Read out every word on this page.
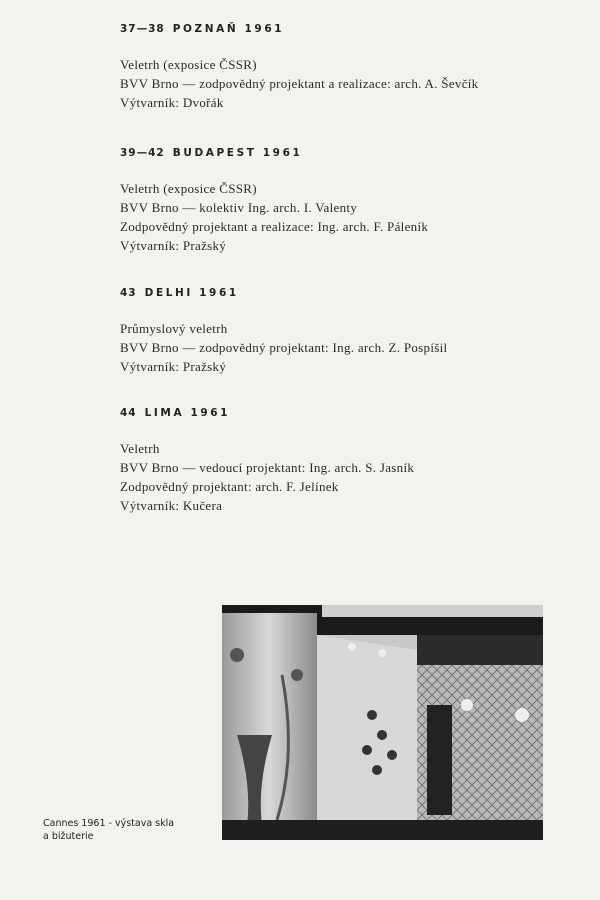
37—38 POZNAŇ 1961

Veletrh (exposice ČSSR)
BVV Brno — zodpovědný projektant a realizace: arch. A. Ševčík
Výtvarník: Dvořák

39—42 BUDAPEST 1961

Veletrh (exposice ČSSR)
BVV Brno — kolektiv Ing. arch. I. Valenty
Zodpovědný projektant a realizace: Ing. arch. F. Páleník
Výtvarník: Pražský

43 DELHI 1961

Průmyslový veletrh
BVV Brno — zodpovědný projektant: Ing. arch. Z. Pospíšil
Výtvarník: Pražský

44 LIMA 1961

Veletrh
BVV Brno — vedoucí projektant: Ing. arch. S. Jasník
Zodpovědný projektant: arch. F. Jelínek
Výtvarník: Kučera
Cannes 1961 - výstava skla
a bižuterie
